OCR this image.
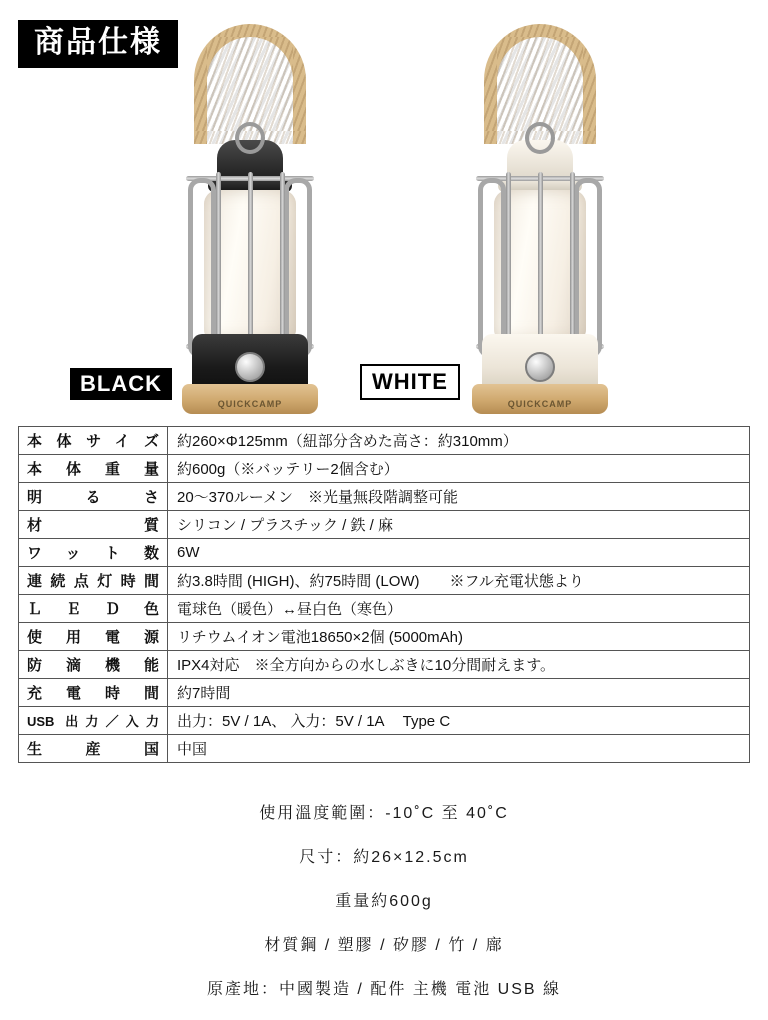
商品仕様
QUICKCAMP	QUICKCAMP
BLACK	WHITE
本体サイズ	約260×Φ125mm（紐部分含めた高さ：約310mm）
本体重量	約600g（※バッテリー2個含む）
明るさ	20〜370ルーメン　※光量無段階調整可能
材質	シリコン / プラスチック / 鉄 / 麻
ワット数	6W
連続点灯時間	約3.8時間 (HIGH)、約75時間 (LOW)　　※フル充電状態より
ＬＥＤ色	電球色（暖色）↔昼白色（寒色）
使用電源	リチウムイオン電池18650×2個 (5000mAh)
防滴機能	IPX4対応　※全方向からの水しぶきに10分間耐えます。
充電時間	約7時間
USB 出力／入力	出力：5V / 1A、 入力：5V / 1A　 Type C
生産国	中国
使用溫度範圍：-10˚C 至 40˚C
尺寸：約26×12.5cm
重量約600g
材質鋼 / 塑膠 / 矽膠 / 竹 / 廍
原產地：中國製造 / 配件 主機 電池 USB 線
